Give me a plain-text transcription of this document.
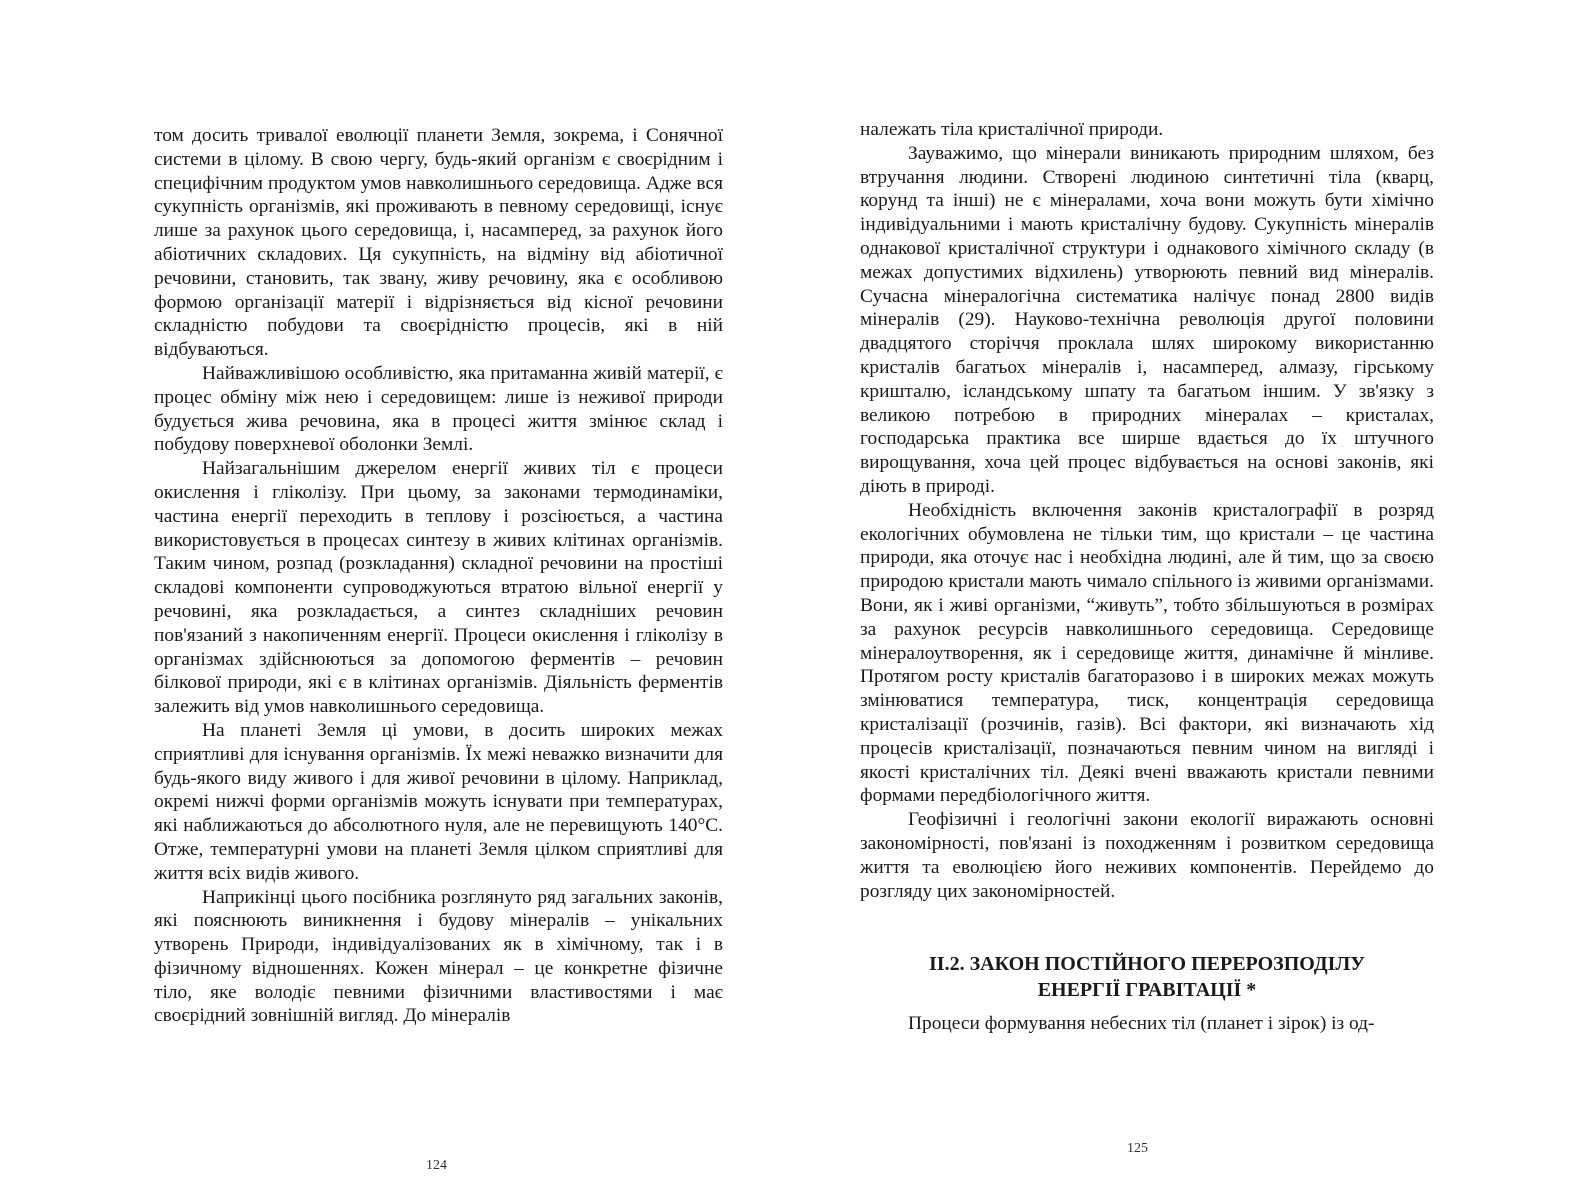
том досить тривалої еволюції планети Земля, зокрема, і Сонячної системи в цілому. В свою чергу, будь-який організм є своєрідним і специфічним продуктом умов навколишнього середовища. Адже вся сукупність організмів, які проживають в певному середовищі, існує лише за рахунок цього середовища, і, насамперед, за рахунок його абіотичних складових. Ця сукупність, на відміну від абіотичної речовини, становить, так звану, живу речовину, яка є особливою формою організації матерії і відрізняється від кісної речовини складністю побудови та своєрідністю процесів, які в ній відбуваються.

Найважливішою особливістю, яка притаманна живій матерії, є процес обміну між нею і середовищем: лише із неживої природи будується жива речовина, яка в процесі життя змінює склад і побудову поверхневої оболонки Землі.

Найзагальнішим джерелом енергії живих тіл є процеси окислення і гліколізу. При цьому, за законами термодинаміки, частина енергії переходить в теплову і розсіюється, а частина використовується в процесах синтезу в живих клітинах організмів. Таким чином, розпад (розкладання) складної речовини на простіші складові компоненти супроводжуються втратою вільної енергії у речовині, яка розкладається, а синтез складніших речовин пов'язаний з накопиченням енергії. Процеси окислення і гліколізу в організмах здійснюються за допомогою ферментів – речовин білкової природи, які є в клітинах організмів. Діяльність ферментів залежить від умов навколишнього середовища.

На планеті Земля ці умови, в досить широких межах сприятливі для існування організмів. Їх межі неважко визначити для будь-якого виду живого і для живої речовини в цілому. Наприклад, окремі нижчі форми організмів можуть існувати при температурах, які наближаються до абсолютного нуля, але не перевищують 140°С. Отже, температурні умови на планеті Земля цілком сприятливі для життя всіх видів живого.

Наприкінці цього посібника розглянуто ряд загальних законів, які пояснюють виникнення і будову мінералів – унікальних утворень Природи, індивідуалізованих як в хімічному, так і в фізичному відношеннях. Кожен мінерал – це конкретне фізичне тіло, яке володіє певними фізичними властивостями і має своєрідний зовнішній вигляд. До мінералів

124

належать тіла кристалічної природи.

Зауважимо, що мінерали виникають природним шляхом, без втручання людини. Створені людиною синтетичні тіла (кварц, корунд та інші) не є мінералами, хоча вони можуть бути хімічно індивідуальними і мають кристалічну будову. Сукупність мінералів однакової кристалічної структури і однакового хімічного складу (в межах допустимих відхилень) утворюють певний вид мінералів. Сучасна мінералогічна систематика налічує понад 2800 видів мінералів (29). Науково-технічна революція другої половини двадцятого сторіччя проклала шлях широкому використанню кристалів багатьох мінералів і, насамперед, алмазу, гірському кришталю, ісландському шпату та багатьом іншим. У зв'язку з великою потребою в природних мінералах – кристалах, господарська практика все ширше вдається до їх штучного вирощування, хоча цей процес відбувається на основі законів, які діють в природі.

Необхідність включення законів кристалографії в розряд екологічних обумовлена не тільки тим, що кристали – це частина природи, яка оточує нас і необхідна людині, але й тим, що за своєю природою кристали мають чимало спільного із живими організмами. Вони, як і живі організми, “живуть”, тобто збільшуються в розмірах за рахунок ресурсів навколишнього середовища. Середовище мінералоутворення, як і середовище життя, динамічне й мінливе. Протягом росту кристалів багаторазово і в широких межах можуть змінюватися температура, тиск, концентрація середовища кристалізації (розчинів, газів). Всі фактори, які визначають хід процесів кристалізації, позначаються певним чином на вигляді і якості кристалічних тіл. Деякі вчені вважають кристали певними формами передбіологічного життя.

Геофізичні і геологічні закони екології виражають основні закономірності, пов'язані із походженням і розвитком середовища життя та еволюцією його неживих компонентів. Перейдемо до розгляду цих закономірностей.

II.2. ЗАКОН ПОСТІЙНОГО ПЕРЕРОЗПОДІЛУ
ЕНЕРГІЇ ГРАВІТАЦІЇ *

Процеси формування небесних тіл (планет і зірок) із од-

125
